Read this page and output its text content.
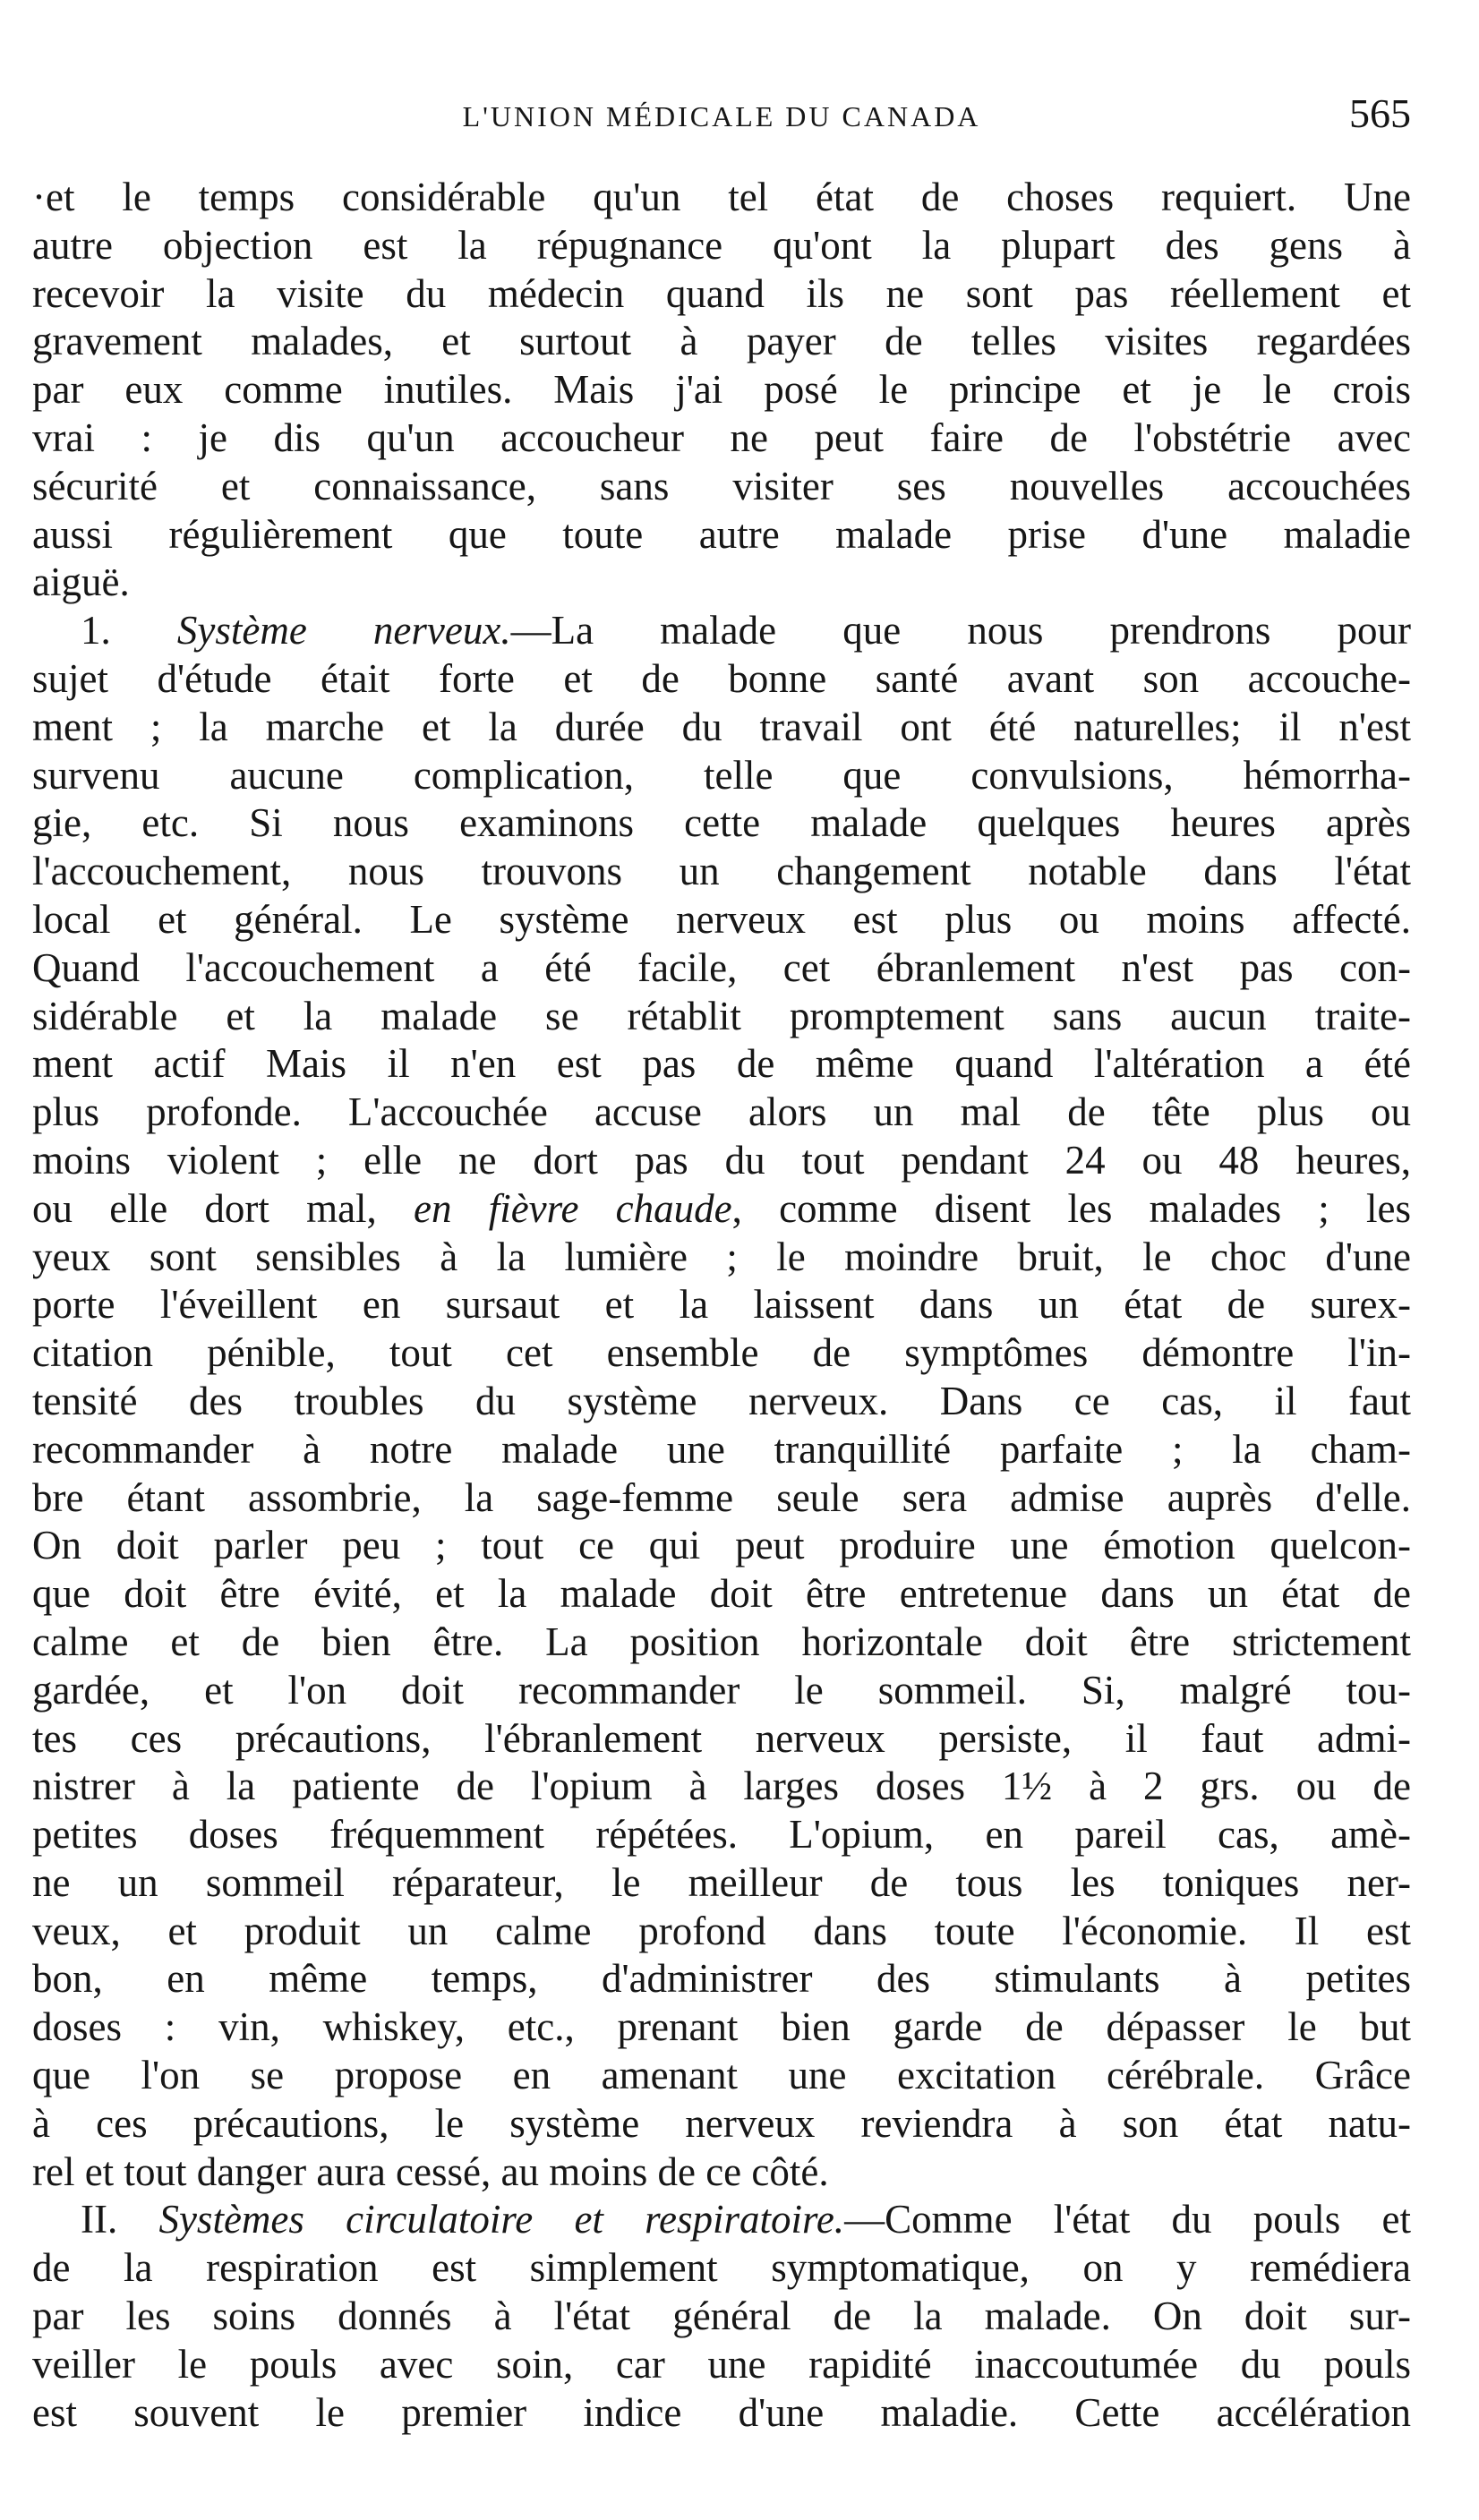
L'UNION MÉDICALE DU CANADA	565
·et le temps considérable qu'un tel état de choses requiert. Une
autre objection est la répugnance qu'ont la plupart des gens à
recevoir la visite du médecin quand ils ne sont pas réellement et
gravement malades, et surtout à payer de telles visites regardées
par eux comme inutiles. Mais j'ai posé le principe et je le crois
vrai : je dis qu'un accoucheur ne peut faire de l'obstétrie avec
sécurité et connaissance, sans visiter ses nouvelles accouchées
aussi régulièrement que toute autre malade prise d'une maladie
aiguë.
1. Système nerveux.—La malade que nous prendrons pour
sujet d'étude était forte et de bonne santé avant son accouche-
ment ; la marche et la durée du travail ont été naturelles; il n'est
survenu aucune complication, telle que convulsions, hémorrha-
gie, etc. Si nous examinons cette malade quelques heures après
l'accouchement, nous trouvons un changement notable dans l'état
local et général. Le système nerveux est plus ou moins affecté.
Quand l'accouchement a été facile, cet ébranlement n'est pas con-
sidérable et la malade se rétablit promptement sans aucun traite-
ment actif Mais il n'en est pas de même quand l'altération a été
plus profonde. L'accouchée accuse alors un mal de tête plus ou
moins violent ; elle ne dort pas du tout pendant 24 ou 48 heures,
ou elle dort mal, en fièvre chaude, comme disent les malades ; les
yeux sont sensibles à la lumière ; le moindre bruit, le choc d'une
porte l'éveillent en sursaut et la laissent dans un état de surex-
citation pénible, tout cet ensemble de symptômes démontre l'in-
tensité des troubles du système nerveux. Dans ce cas, il faut
recommander à notre malade une tranquillité parfaite ; la cham-
bre étant assombrie, la sage-femme seule sera admise auprès d'elle.
On doit parler peu ; tout ce qui peut produire une émotion quelcon-
que doit être évité, et la malade doit être entretenue dans un état de
calme et de bien être. La position horizontale doit être strictement
gardée, et l'on doit recommander le sommeil. Si, malgré tou-
tes ces précautions, l'ébranlement nerveux persiste, il faut admi-
nistrer à la patiente de l'opium à larges doses 1½ à 2 grs. ou de
petites doses fréquemment répétées. L'opium, en pareil cas, amè-
ne un sommeil réparateur, le meilleur de tous les toniques ner-
veux, et produit un calme profond dans toute l'économie. Il est
bon, en même temps, d'administrer des stimulants à petites
doses : vin, whiskey, etc., prenant bien garde de dépasser le but
que l'on se propose en amenant une excitation cérébrale. Grâce
à ces précautions, le système nerveux reviendra à son état natu-
rel et tout danger aura cessé, au moins de ce côté.
II. Systèmes circulatoire et respiratoire.—Comme l'état du pouls et
de la respiration est simplement symptomatique, on y remédiera
par les soins donnés à l'état général de la malade. On doit sur-
veiller le pouls avec soin, car une rapidité inaccoutumée du pouls
est souvent le premier indice d'une maladie. Cette accélération
